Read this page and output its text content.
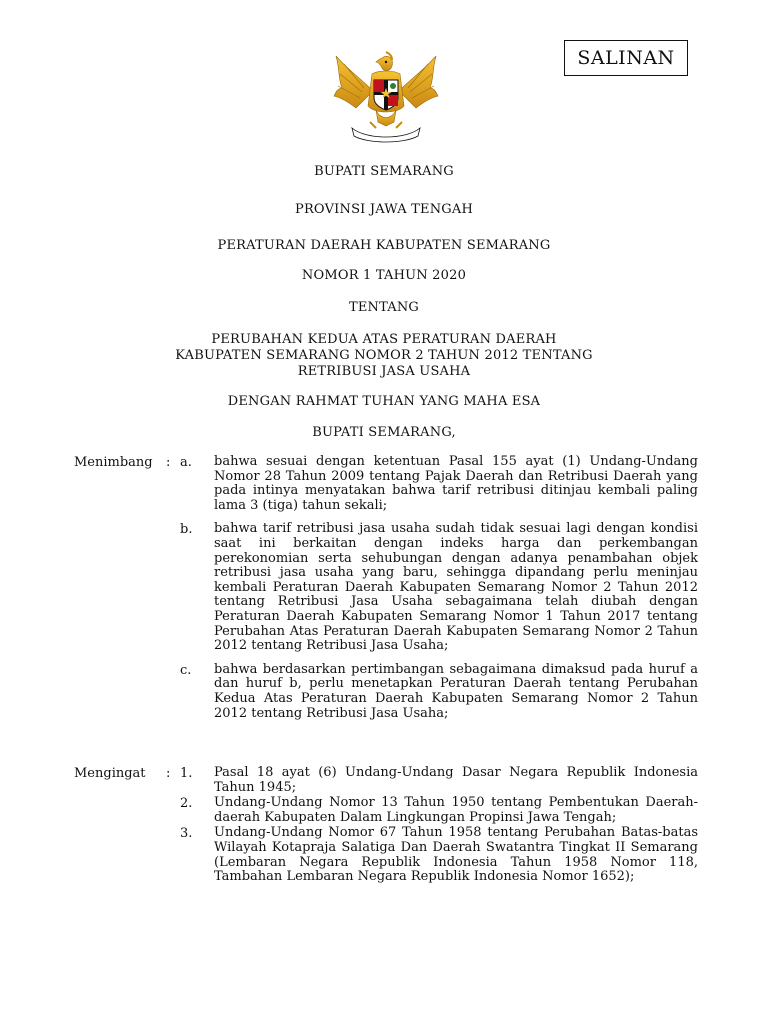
SALINAN
BUPATI SEMARANG
PROVINSI JAWA TENGAH
PERATURAN DAERAH KABUPATEN SEMARANG
NOMOR 1 TAHUN 2020
TENTANG
PERUBAHAN KEDUA ATAS PERATURAN DAERAH
KABUPATEN SEMARANG NOMOR 2 TAHUN 2012 TENTANG
RETRIBUSI JASA USAHA
DENGAN RAHMAT TUHAN YANG MAHA ESA
BUPATI SEMARANG,
Menimbang	: a.	bahwa sesuai dengan ketentuan Pasal 155 ayat (1) Undang-Undang Nomor 28 Tahun 2009 tentang Pajak Daerah dan Retribusi Daerah yang pada intinya menyatakan bahwa tarif retribusi ditinjau kembali paling lama 3 (tiga) tahun sekali;
b.	bahwa tarif retribusi jasa usaha sudah tidak sesuai lagi dengan kondisi saat ini berkaitan dengan indeks harga dan perkembangan perekonomian serta sehubungan dengan adanya penambahan objek retribusi jasa usaha yang baru, sehingga dipandang perlu meninjau kembali Peraturan Daerah Kabupaten Semarang Nomor 2 Tahun 2012 tentang Retribusi Jasa Usaha sebagaimana telah diubah dengan Peraturan Daerah Kabupaten Semarang Nomor 1 Tahun 2017 tentang Perubahan Atas Peraturan Daerah Kabupaten Semarang Nomor 2 Tahun 2012 tentang Retribusi Jasa Usaha;
c.	bahwa berdasarkan pertimbangan sebagaimana dimaksud pada huruf a dan huruf b, perlu menetapkan Peraturan Daerah tentang Perubahan Kedua Atas Peraturan Daerah Kabupaten Semarang Nomor 2 Tahun 2012 tentang Retribusi Jasa Usaha;
Mengingat	: 1.	Pasal 18 ayat (6) Undang-Undang Dasar Negara Republik Indonesia Tahun 1945;
2.	Undang-Undang Nomor 13 Tahun 1950 tentang Pembentukan Daerah-daerah Kabupaten Dalam Lingkungan Propinsi Jawa Tengah;
3.	Undang-Undang Nomor 67 Tahun 1958 tentang Perubahan Batas-batas Wilayah Kotapraja Salatiga Dan Daerah Swatantra Tingkat II Semarang (Lembaran Negara Republik Indonesia Tahun 1958 Nomor 118, Tambahan Lembaran Negara Republik Indonesia Nomor 1652);
